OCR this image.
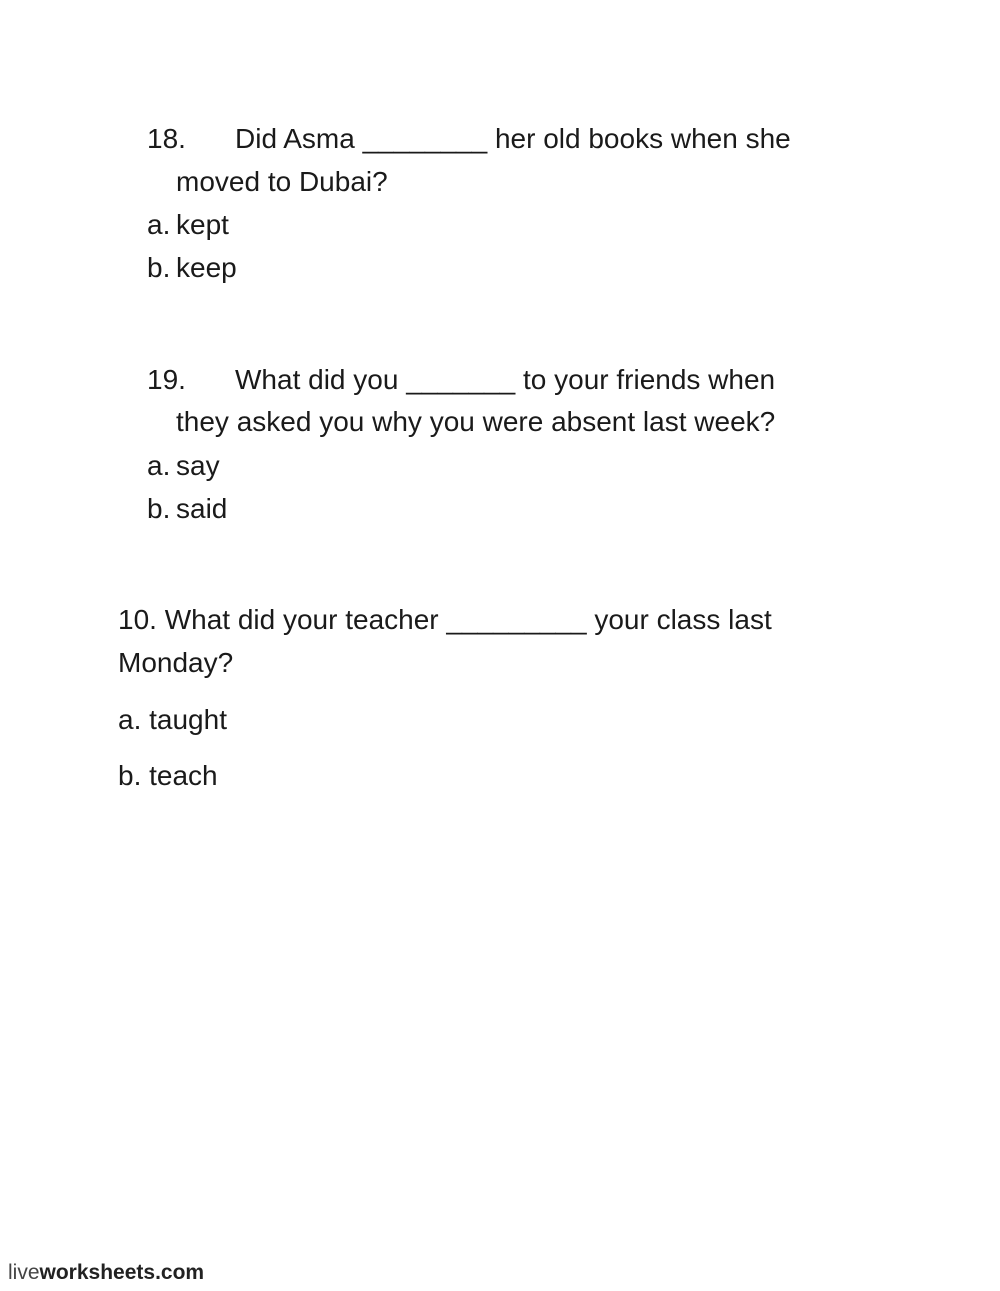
18. Did Asma ________ her old books when she
moved to Dubai?
a. kept
b. keep
19. What did you _______ to your friends when
they asked you why you were absent last week?
a. say
b. said
10. What did your teacher _________ your class last
Monday?
a. taught
b. teach
liveworksheets.com
